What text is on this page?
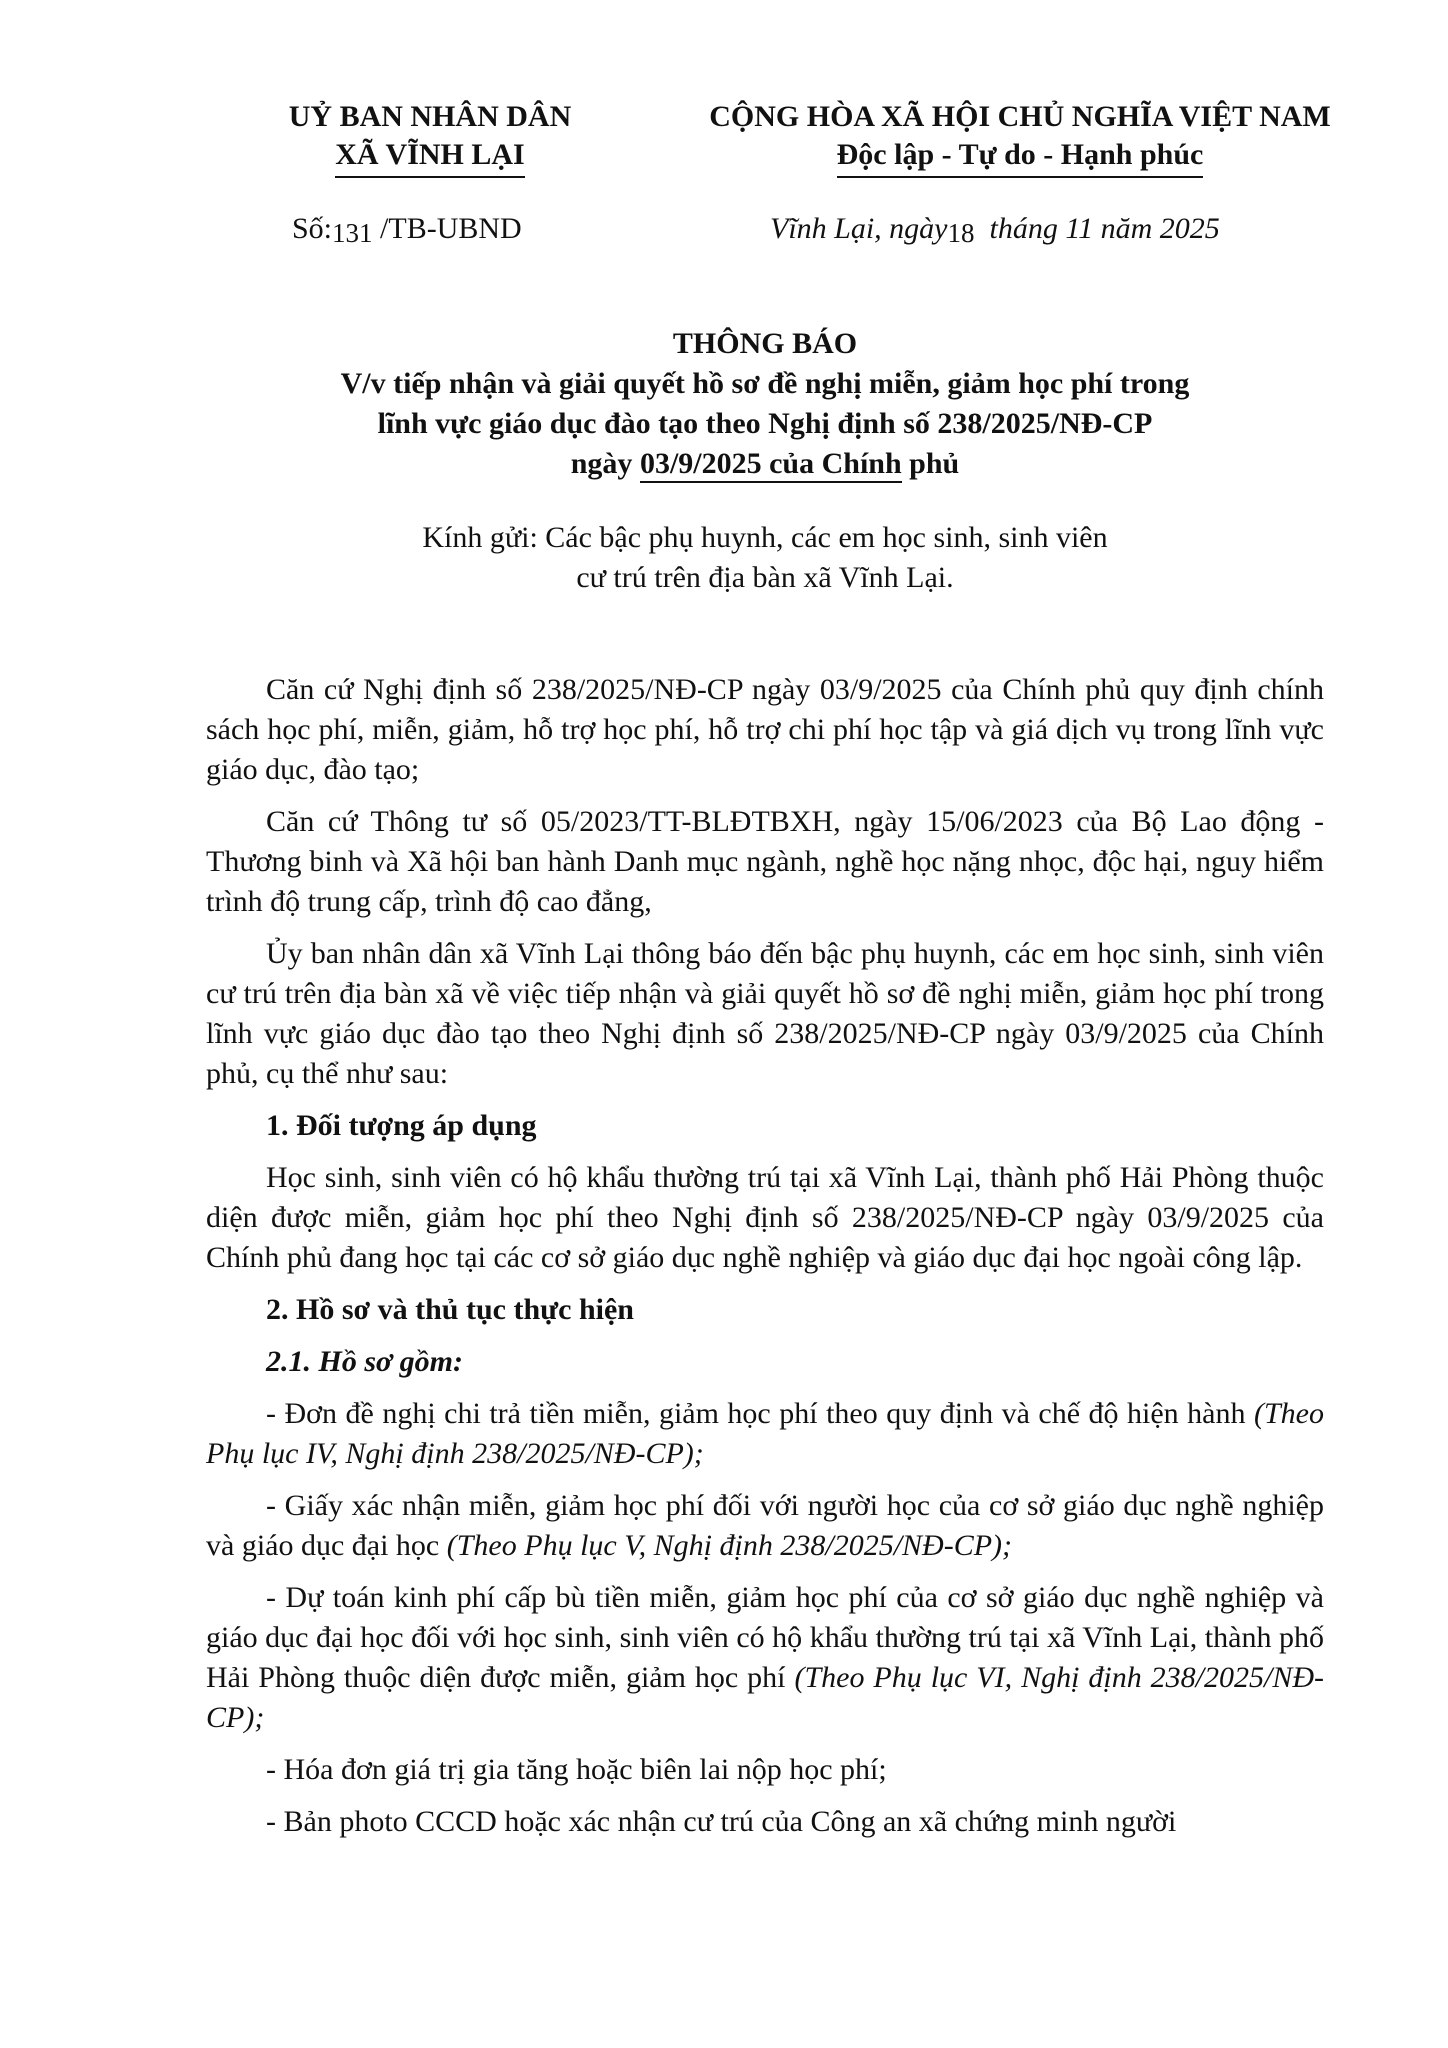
UỶ BAN NHÂN DÂN
XÃ VĨNH LẠI
CỘNG HÒA XÃ HỘI CHỦ NGHĨA VIỆT NAM
Độc lập - Tự do - Hạnh phúc
Số:131 /TB-UBND	Vĩnh Lại, ngày18  tháng 11 năm 2025
THÔNG BÁO
V/v tiếp nhận và giải quyết hồ sơ đề nghị miễn, giảm học phí trong
lĩnh vực giáo dục đào tạo theo Nghị định số 238/2025/NĐ-CP
ngày 03/9/2025 của Chính phủ
Kính gửi: Các bậc phụ huynh, các em học sinh, sinh viên
cư trú trên địa bàn xã Vĩnh Lại.

Căn cứ Nghị định số 238/2025/NĐ-CP ngày 03/9/2025 của Chính phủ quy định chính sách học phí, miễn, giảm, hỗ trợ học phí, hỗ trợ chi phí học tập và giá dịch vụ trong lĩnh vực giáo dục, đào tạo;

Căn cứ Thông tư số 05/2023/TT-BLĐTBXH, ngày 15/06/2023 của Bộ Lao động - Thương binh và Xã hội ban hành Danh mục ngành, nghề học nặng nhọc, độc hại, nguy hiểm trình độ trung cấp, trình độ cao đẳng,

Ủy ban nhân dân xã Vĩnh Lại thông báo đến bậc phụ huynh, các em học sinh, sinh viên cư trú trên địa bàn xã về việc tiếp nhận và giải quyết hồ sơ đề nghị miễn, giảm học phí trong lĩnh vực giáo dục đào tạo theo Nghị định số 238/2025/NĐ-CP ngày 03/9/2025 của Chính phủ, cụ thể như sau:

1. Đối tượng áp dụng

Học sinh, sinh viên có hộ khẩu thường trú tại xã Vĩnh Lại, thành phố Hải Phòng thuộc diện được miễn, giảm học phí theo Nghị định số 238/2025/NĐ-CP ngày 03/9/2025 của Chính phủ đang học tại các cơ sở giáo dục nghề nghiệp và giáo dục đại học ngoài công lập.

2. Hồ sơ và thủ tục thực hiện

2.1. Hồ sơ gồm:

- Đơn đề nghị chi trả tiền miễn, giảm học phí theo quy định và chế độ hiện hành (Theo Phụ lục IV, Nghị định 238/2025/NĐ-CP);

- Giấy xác nhận miễn, giảm học phí đối với người học của cơ sở giáo dục nghề nghiệp và giáo dục đại học (Theo Phụ lục V, Nghị định 238/2025/NĐ-CP);

- Dự toán kinh phí cấp bù tiền miễn, giảm học phí của cơ sở giáo dục nghề nghiệp và giáo dục đại học đối với học sinh, sinh viên có hộ khẩu thường trú tại xã Vĩnh Lại, thành phố Hải Phòng thuộc diện được miễn, giảm học phí (Theo Phụ lục VI, Nghị định 238/2025/NĐ-CP);

- Hóa đơn giá trị gia tăng hoặc biên lai nộp học phí;

- Bản photo CCCD hoặc xác nhận cư trú của Công an xã chứng minh người
